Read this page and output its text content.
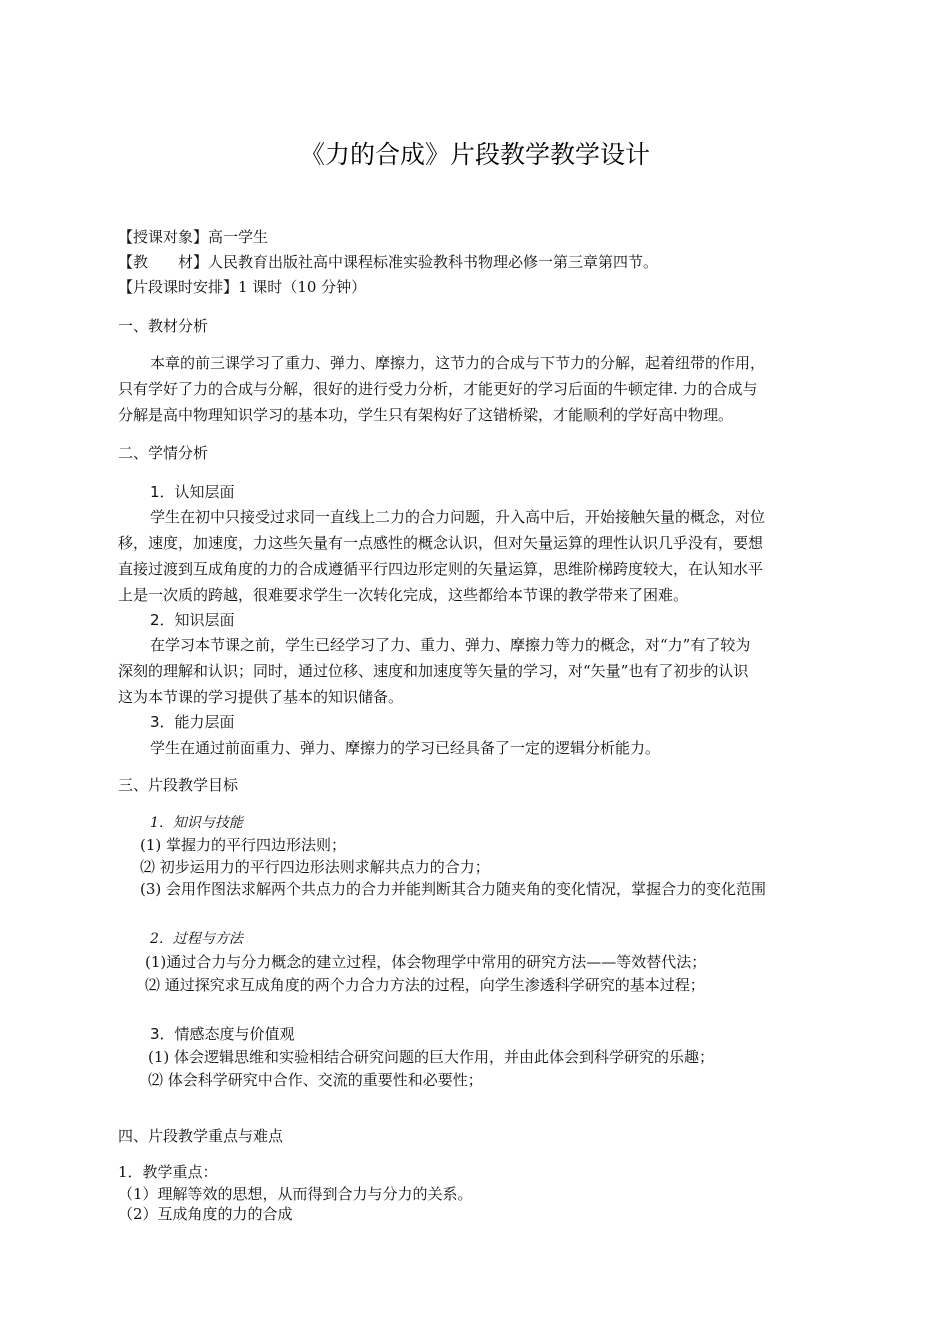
《力的合成》片段教学教学设计
【授课对象】高一学生
【教　　材】人民教育出版社高中课程标准实验教科书物理必修一第三章第四节。
【片段课时安排】1 课时（10 分钟）
一、教材分析
本章的前三课学习了重力、弹力、摩擦力，这节力的合成与下节力的分解，起着纽带的作用，
只有学好了力的合成与分解，很好的进行受力分析，才能更好的学习后面的牛顿定律. 力的合成与
分解是高中物理知识学习的基本功，学生只有架构好了这错桥梁，才能顺利的学好高中物理。
二、学情分析
1．认知层面
学生在初中只接受过求同一直线上二力的合力问题，升入高中后，开始接触矢量的概念，对位
移，速度，加速度，力这些矢量有一点感性的概念认识，但对矢量运算的理性认识几乎没有，要想
直接过渡到互成角度的力的合成遵循平行四边形定则的矢量运算，思维阶梯跨度较大，在认知水平
上是一次质的跨越，很难要求学生一次转化完成，这些都给本节课的教学带来了困难。
2．知识层面
在学习本节课之前，学生已经学习了力、重力、弹力、摩擦力等力的概念，对“力”有了较为
深刻的理解和认识；同时，通过位移、速度和加速度等矢量的学习，对“矢量”也有了初步的认识
这为本节课的学习提供了基本的知识储备。
3．能力层面
学生在通过前面重力、弹力、摩擦力的学习已经具备了一定的逻辑分析能力。
三、片段教学目标
1．知识与技能
(1) 掌握力的平行四边形法则；
⑵ 初步运用力的平行四边形法则求解共点力的合力；
(3) 会用作图法求解两个共点力的合力并能判断其合力随夹角的变化情况，掌握合力的变化范围
2．过程与方法
(1)通过合力与分力概念的建立过程，体会物理学中常用的研究方法——等效替代法；
⑵ 通过探究求互成角度的两个力合力方法的过程，向学生渗透科学研究的基本过程；
3．情感态度与价值观
(1) 体会逻辑思维和实验相结合研究问题的巨大作用，并由此体会到科学研究的乐趣；
⑵ 体会科学研究中合作、交流的重要性和必要性；
四、片段教学重点与难点
1．教学重点：
（1）理解等效的思想，从而得到合力与分力的关系。
（2）互成角度的力的合成
